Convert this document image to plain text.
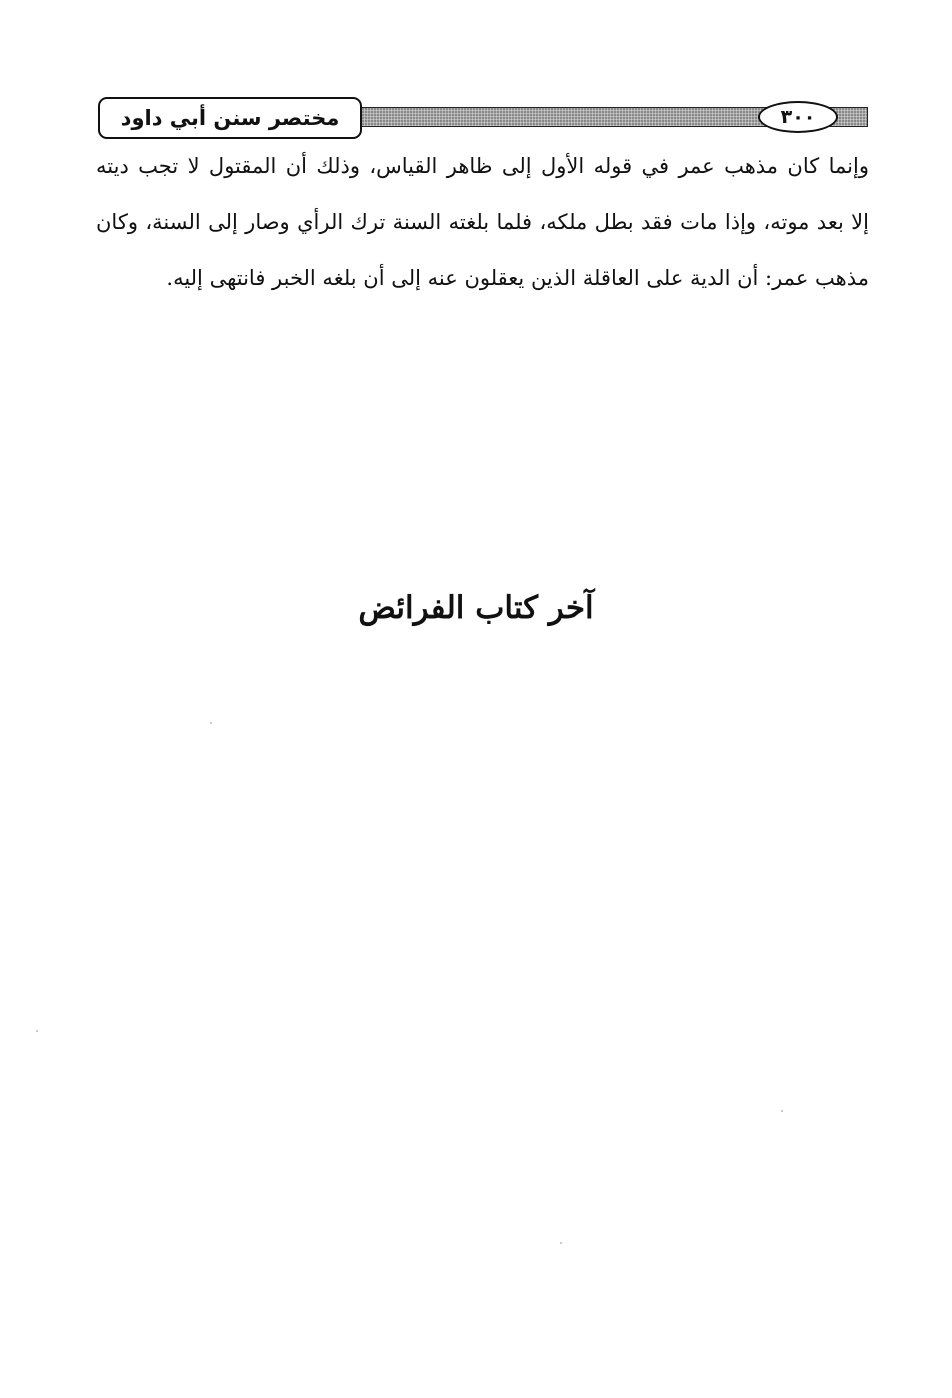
مختصر سنن أبي داود	٣٠٠
وإنما كان مذهب عمر في قوله الأول إلى ظاهر القياس، وذلك أن المقتول لا تجب ديته
إلا بعد موته، وإذا مات فقد بطل ملكه، فلما بلغته السنة ترك الرأي وصار إلى السنة، وكان
مذهب عمر: أن الدية على العاقلة الذين يعقلون عنه إلى أن بلغه الخبر فانتهى إليه.
آخر كتاب الفرائض
